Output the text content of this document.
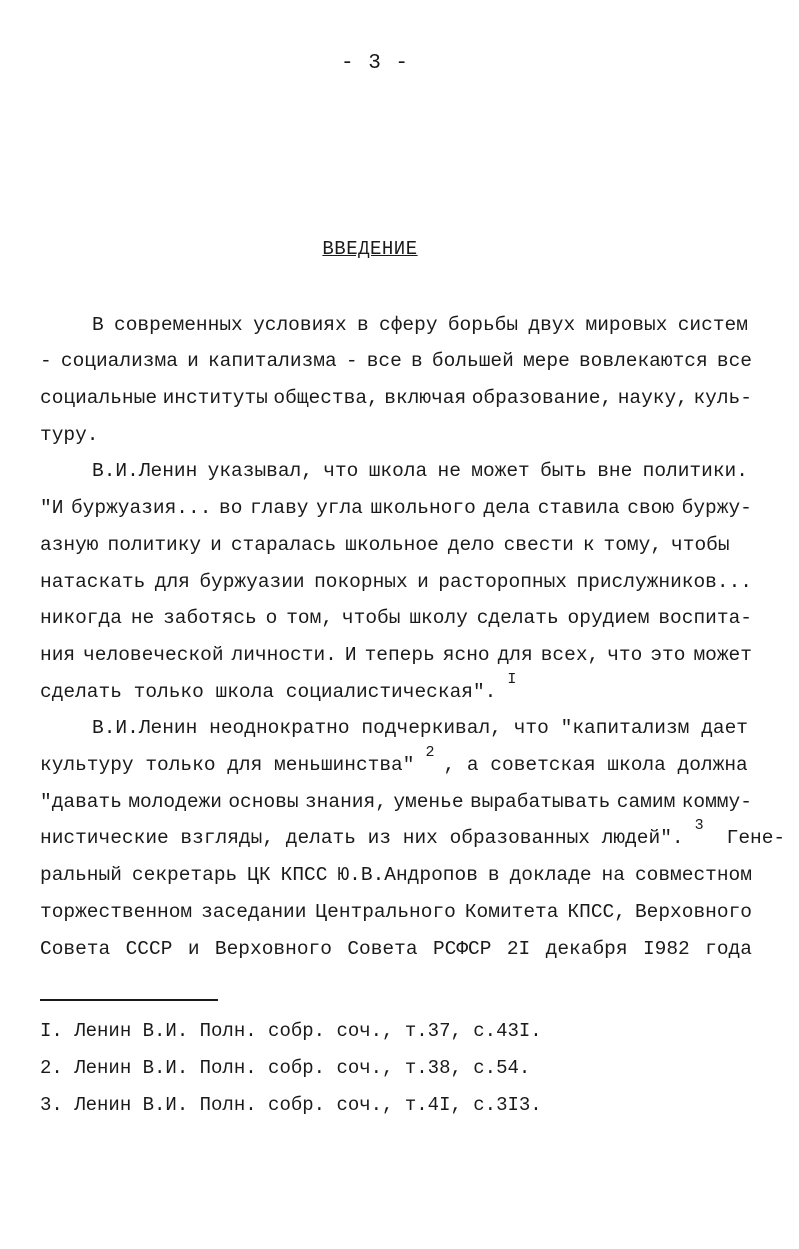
- 3 -
ВВЕДЕНИЕ
В современных условиях в сферу борьбы двух мировых систем
- социализма и капитализма - все в большей мере вовлекаются все
социальные институты общества, включая образование, науку, куль-
туру.
В.И.Ленин указывал, что школа не может быть вне политики.
"И буржуазия... во главу угла школьного дела ставила свою буржу-
азную политику и старалась школьное дело свести к тому, чтобы
натаскать для буржуазии покорных и расторопных прислужников...
никогда не заботясь о том, чтобы школу сделать орудием воспита-
ния человеческой личности. И теперь ясно для всех, что это может
сделать только школа социалистическая".
I
В.И.Ленин неоднократно подчеркивал, что "капитализм дает
культуру только для меньшинства"
2
, а советская школа должна
"давать молодежи основы знания, уменье вырабатывать самим комму-
нистические взгляды, делать из них образованных людей".
3
Гене-
ральный секретарь ЦК КПСС Ю.В.Андропов в докладе на совместном
торжественном заседании Центрального Комитета КПСС, Верховного
Совета СССР и Верховного Совета РСФСР 2I декабря I982 года
I. Ленин В.И. Полн. собр. соч., т.37, с.43I.
2. Ленин В.И. Полн. собр. соч., т.38, с.54.
3. Ленин В.И. Полн. собр. соч., т.4I, с.3I3.
